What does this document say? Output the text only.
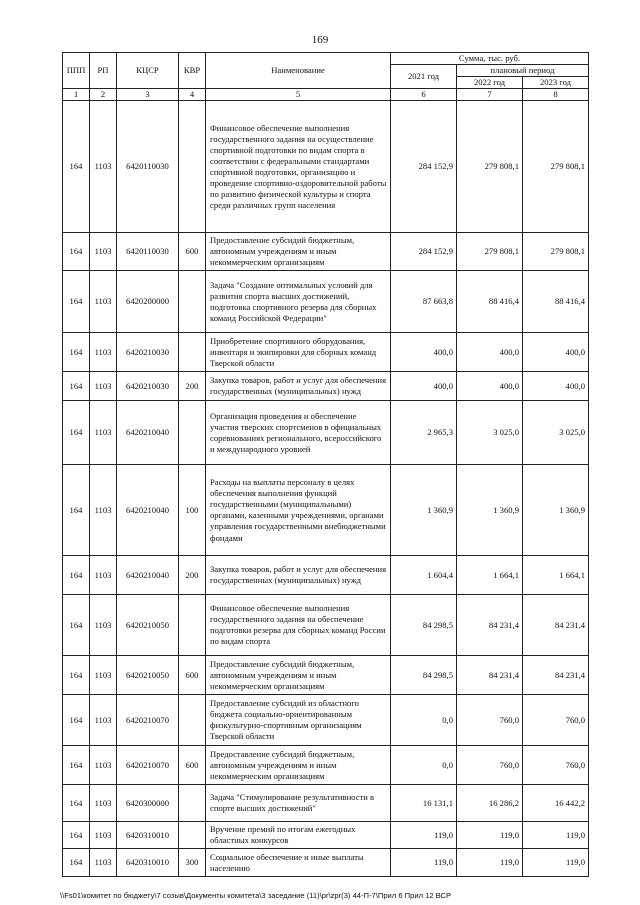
169
ППП	РП	КЦСР	КВР	Наименование	Сумма, тыс. руб.		
					2021 год	плановый период	
						2022 год	2023 год
1	2	3	4	5	6	7	8
164	1103	6420110030		Финансовое обеспечение выполнения государственного задания на осуществление спортивной подготовки по видам спорта в соответствии с федеральными стандартами спортивной подготовки, организацию и проведение спортивно-оздоровительной работы по развитию физической культуры и спорта среди различных групп населения	284 152,9	279 808,1	279 808,1
164	1103	6420110030	600	Предоставление субсидий бюджетным, автономным учреждениям и иным некоммерческим организациям	284 152,9	279 808,1	279 808,1
164	1103	6420200000		Задача "Создание оптимальных условий для развития спорта высших достижений, подготовка спортивного резерва для сборных команд Российской Федерации"	87 663,8	88 416,4	88 416,4
164	1103	6420210030		Приобретение спортивного оборудования, инвентаря и экипировки для сборных команд Тверской области	400,0	400,0	400,0
164	1103	6420210030	200	Закупка товаров, работ и услуг для обеспечения государственных (муниципальных) нужд	400,0	400,0	400,0
164	1103	6420210040		Организация проведения и обеспечение участия тверских спортсменов в официальных соревнованиях регионального, всероссийского и международного уровней	2 965,3	3 025,0	3 025,0
164	1103	6420210040	100	Расходы на выплаты персоналу в целях обеспечения выполнения функций государственными (муниципальными) органами, казенными учреждениями, органами управления государственными внебюджетными фондами	1 360,9	1 360,9	1 360,9
164	1103	6420210040	200	Закупка товаров, работ и услуг для обеспечения государственных (муниципальных) нужд	1 604,4	1 664,1	1 664,1
164	1103	6420210050		Финансовое обеспечение выполнения государственного задания на обеспечение подготовки резерва для сборных команд России по видам спорта	84 298,5	84 231,4	84 231,4
164	1103	6420210050	600	Предоставление субсидий бюджетным, автономным учреждениям и иным некоммерческим организациям	84 298,5	84 231,4	84 231,4
164	1103	6420210070		Предоставление субсидий из областного бюджета социально-ориентированным физкультурно-спортивным организациям Тверской области	0,0	760,0	760,0
164	1103	6420210070	600	Предоставление субсидий бюджетным, автономным учреждениям и иным некоммерческим организациям	0,0	760,0	760,0
164	1103	6420300000		Задача "Стимулирование результативности в спорте высших достижений"	16 131,1	16 286,2	16 442,2
164	1103	6420310010		Вручение премий по итогам ежегодных областных конкурсов	119,0	119,0	119,0
164	1103	6420310010	300	Социальное обеспечение и иные выплаты населению	119,0	119,0	119,0
\\Fs01\комитет по бюджету\7 созыв\Документы комитета\3 заседание (11)\pr\zpr(3) 44-П-7\Прил 6 Прил 12 ВСР
